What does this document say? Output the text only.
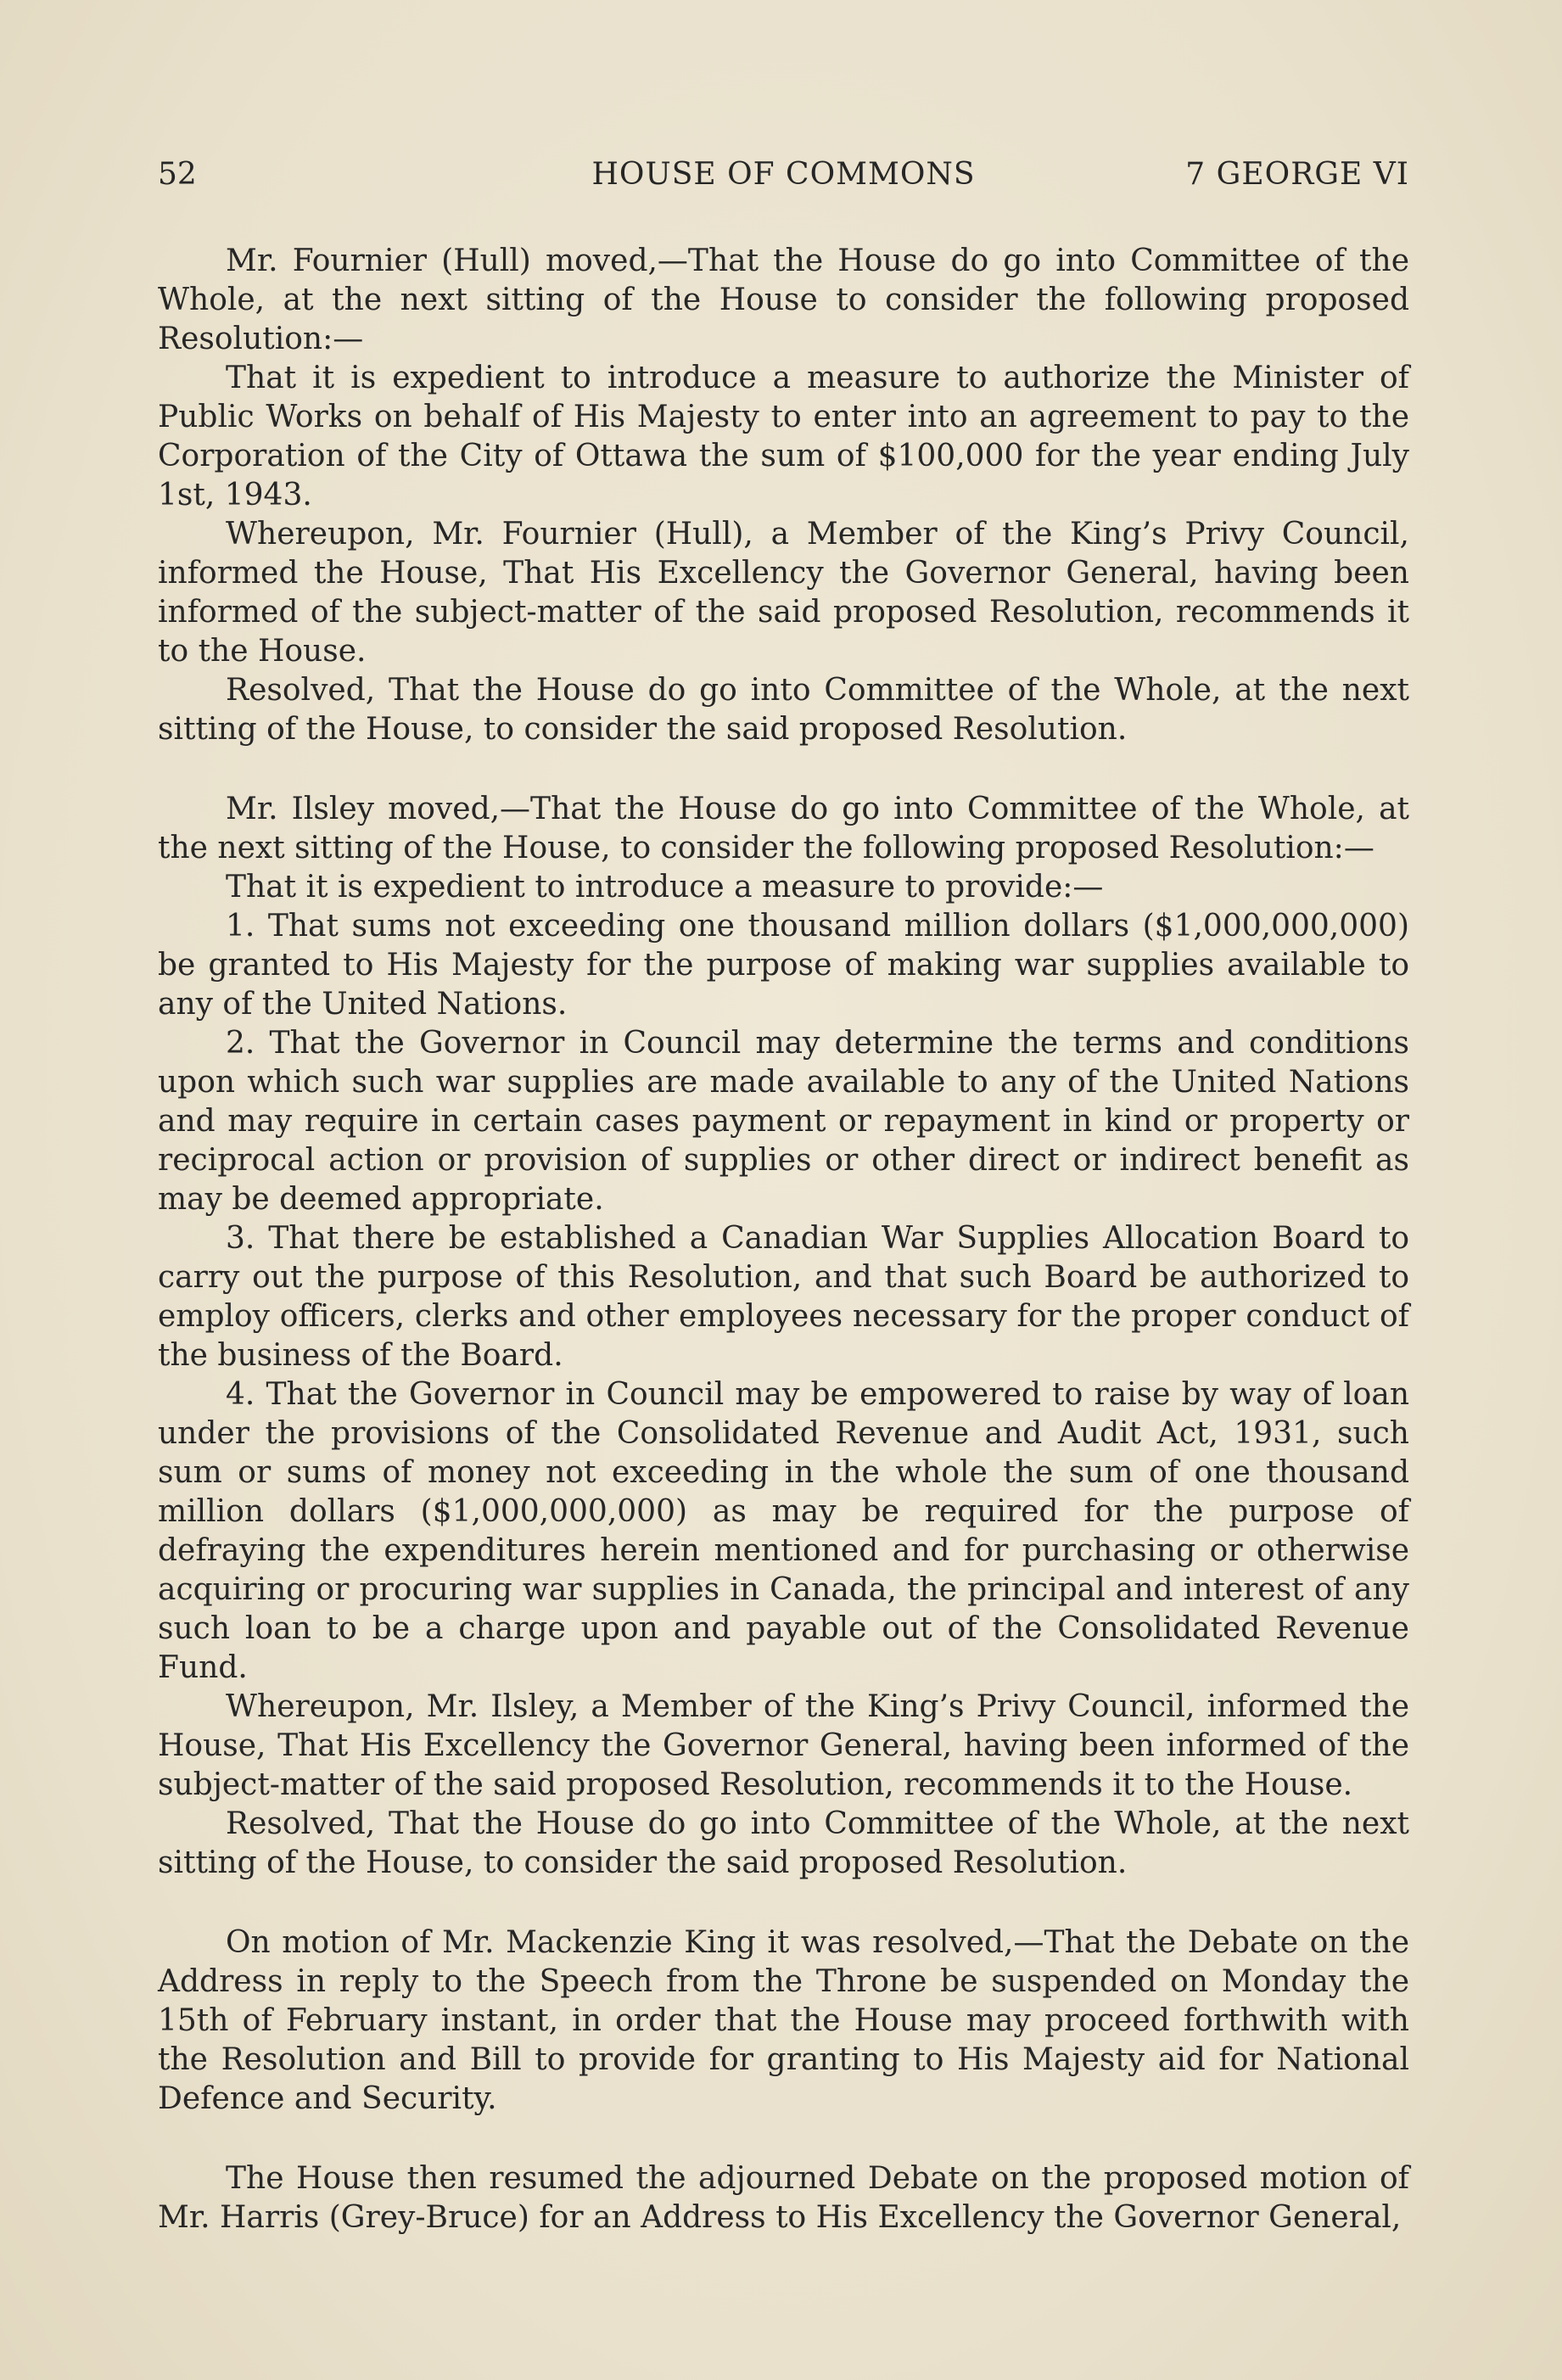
52	HOUSE OF COMMONS	7 GEORGE VI

Mr. Fournier (Hull) moved,—That the House do go into Committee of the Whole, at the next sitting of the House to consider the following proposed Resolution:—

That it is expedient to introduce a measure to authorize the Minister of Public Works on behalf of His Majesty to enter into an agreement to pay to the Corporation of the City of Ottawa the sum of $100,000 for the year ending July 1st, 1943.

Whereupon, Mr. Fournier (Hull), a Member of the King’s Privy Council, informed the House, That His Excellency the Governor General, having been informed of the subject-matter of the said proposed Resolution, recommends it to the House.

Resolved, That the House do go into Committee of the Whole, at the next sitting of the House, to consider the said proposed Resolution.

Mr. Ilsley moved,—That the House do go into Committee of the Whole, at the next sitting of the House, to consider the following proposed Resolution:—

That it is expedient to introduce a measure to provide:—

1. That sums not exceeding one thousand million dollars ($1,000,000,000) be granted to His Majesty for the purpose of making war supplies available to any of the United Nations.

2. That the Governor in Council may determine the terms and conditions upon which such war supplies are made available to any of the United Nations and may require in certain cases payment or repayment in kind or property or reciprocal action or provision of supplies or other direct or indirect benefit as may be deemed appropriate.

3. That there be established a Canadian War Supplies Allocation Board to carry out the purpose of this Resolution, and that such Board be authorized to employ officers, clerks and other employees necessary for the proper conduct of the business of the Board.

4. That the Governor in Council may be empowered to raise by way of loan under the provisions of the Consolidated Revenue and Audit Act, 1931, such sum or sums of money not exceeding in the whole the sum of one thousand million dollars ($1,000,000,000) as may be required for the purpose of defraying the expenditures herein mentioned and for purchasing or otherwise acquiring or procuring war supplies in Canada, the principal and interest of any such loan to be a charge upon and payable out of the Consolidated Revenue Fund.

Whereupon, Mr. Ilsley, a Member of the King’s Privy Council, informed the House, That His Excellency the Governor General, having been informed of the subject-matter of the said proposed Resolution, recommends it to the House.

Resolved, That the House do go into Committee of the Whole, at the next sitting of the House, to consider the said proposed Resolution.

On motion of Mr. Mackenzie King it was resolved,—That the Debate on the Address in reply to the Speech from the Throne be suspended on Monday the 15th of February instant, in order that the House may proceed forthwith with the Resolution and Bill to provide for granting to His Majesty aid for National Defence and Security.

The House then resumed the adjourned Debate on the proposed motion of Mr. Harris (Grey-Bruce) for an Address to His Excellency the Governor General,
